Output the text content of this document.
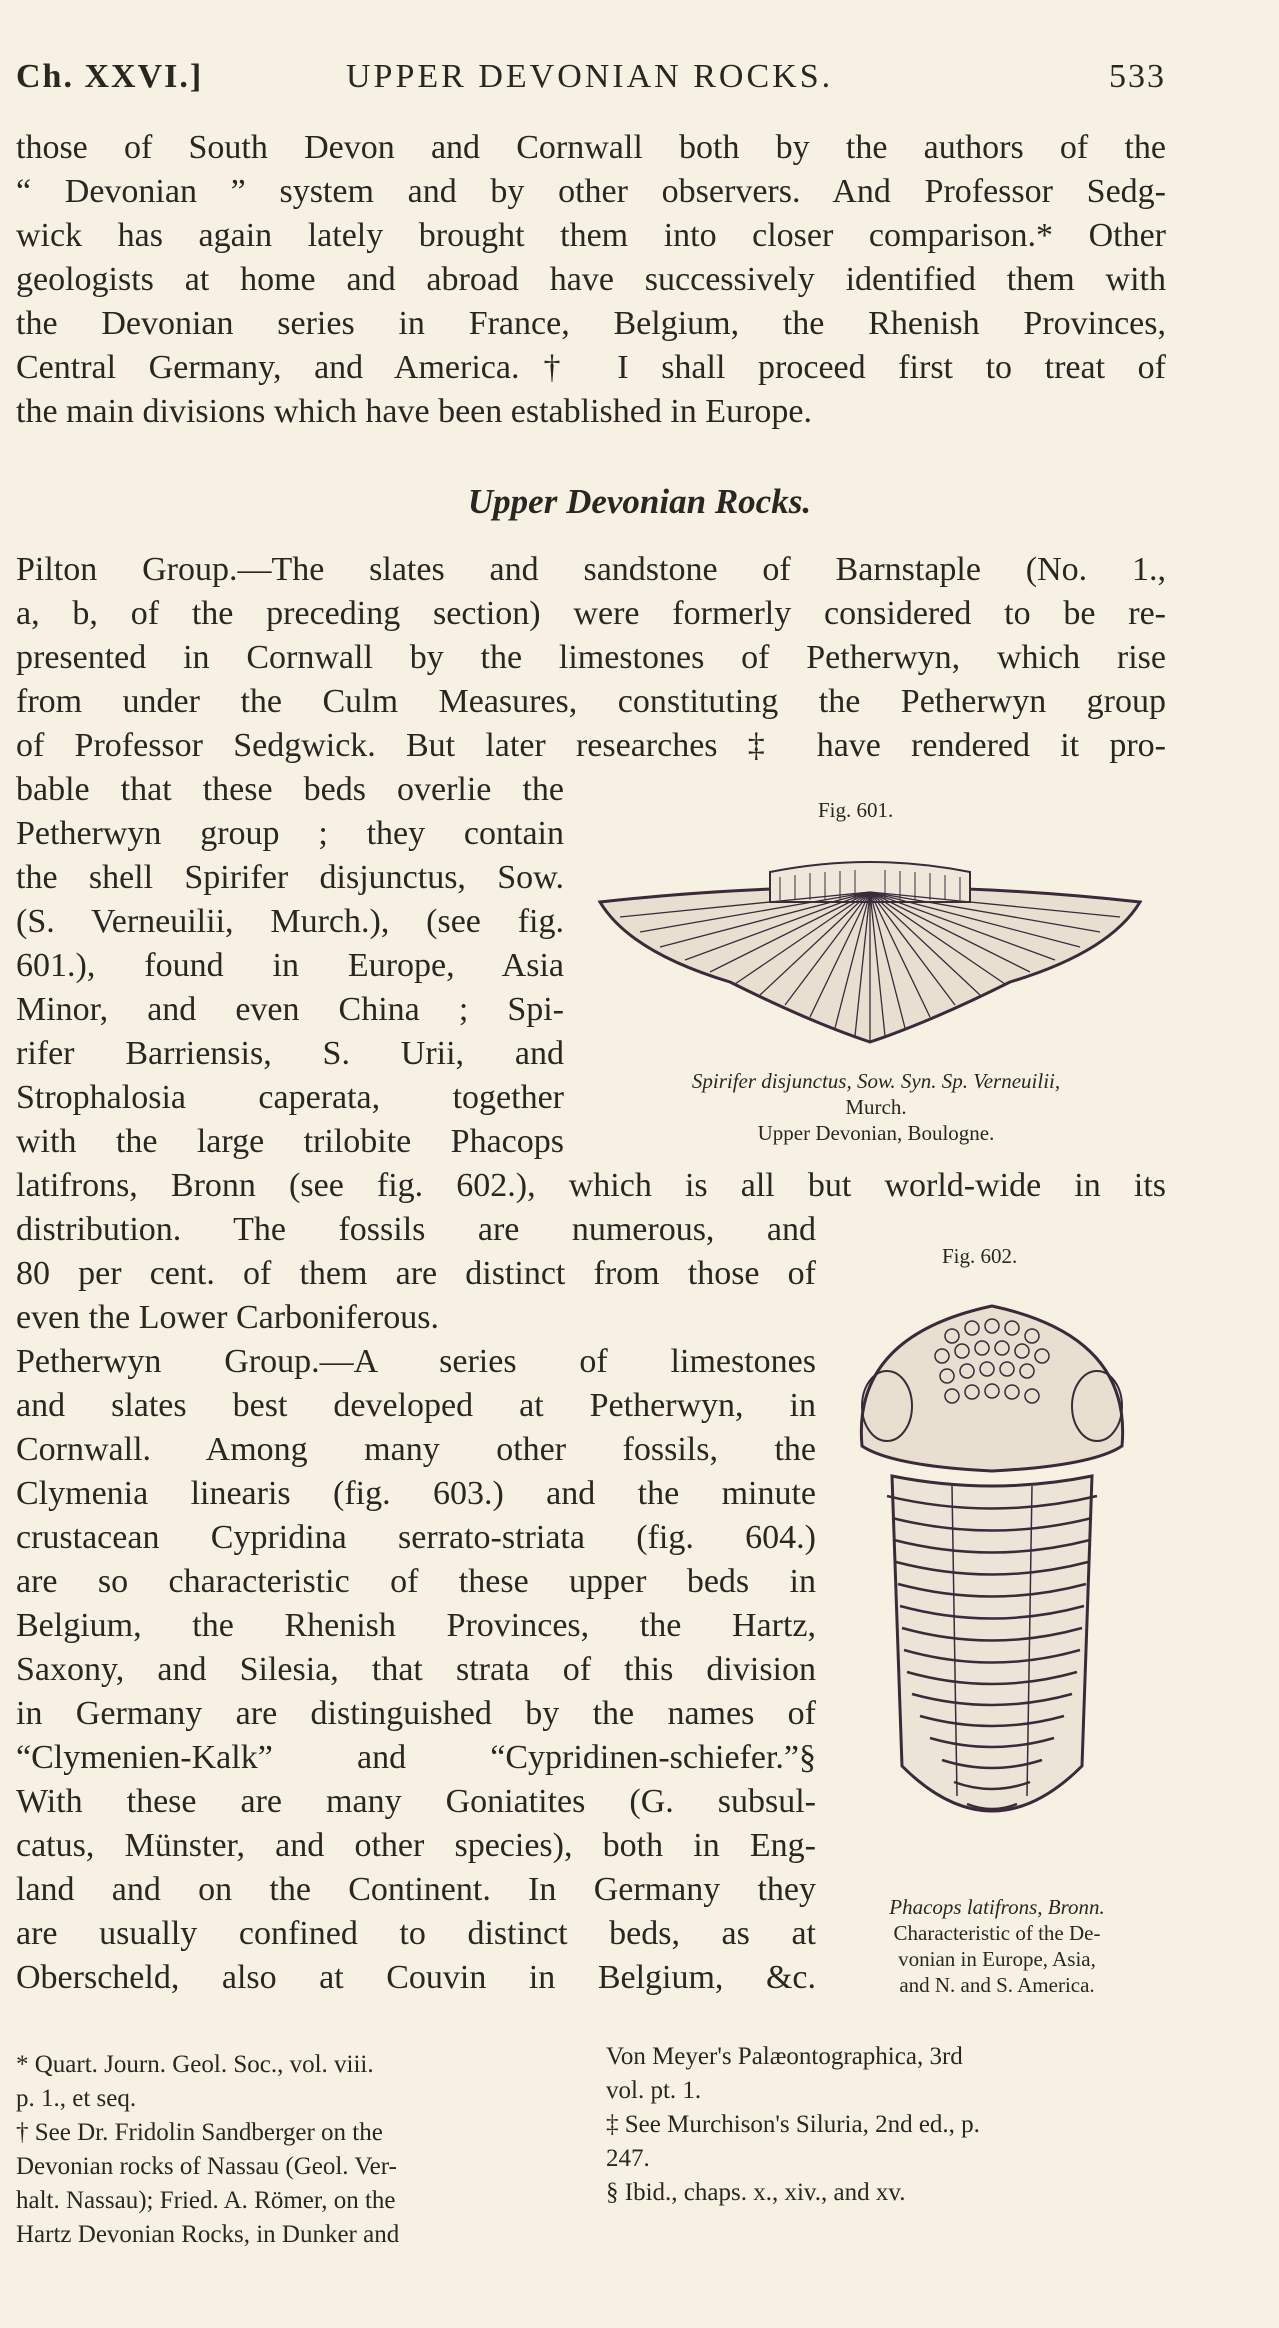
Ch. XXVI.]	UPPER DEVONIAN ROCKS.	533
those of South Devon and Cornwall both by the authors of the
“ Devonian ” system and by other observers. And Professor Sedg-
wick has again lately brought them into closer comparison.* Other
geologists at home and abroad have successively identified them with
the Devonian series in France, Belgium, the Rhenish Provinces,
Central Germany, and America.† I shall proceed first to treat of
the main divisions which have been established in Europe.
Upper Devonian Rocks.
Pilton Group.—The slates and sandstone of Barnstaple (No. 1.,
a, b, of the preceding section) were formerly considered to be re-
presented in Cornwall by the limestones of Petherwyn, which rise
from under the Culm Measures, constituting the Petherwyn group
of Professor Sedgwick. But later researches ‡ have rendered it pro-
bable that these beds overlie the
Petherwyn group ; they contain
the shell Spirifer disjunctus, Sow.
(S. Verneuilii, Murch.), (see fig.
601.), found in Europe, Asia
Minor, and even China ; Spi-
rifer Barriensis, S. Urii, and
Strophalosia caperata, together
with the large trilobite Phacops
latifrons, Bronn (see fig. 602.), which is all but world-wide in its
distribution. The fossils are numerous, and
80 per cent. of them are distinct from those of
even the Lower Carboniferous.
Petherwyn Group.—A series of limestones
and slates best developed at Petherwyn, in
Cornwall. Among many other fossils, the
Clymenia linearis (fig. 603.) and the minute
crustacean Cypridina serrato-striata (fig. 604.)
are so characteristic of these upper beds in
Belgium, the Rhenish Provinces, the Hartz,
Saxony, and Silesia, that strata of this division
in Germany are distinguished by the names of
“Clymenien-Kalk” and “Cypridinen-schiefer.”§
With these are many Goniatites (G. subsul-
catus, Münster, and other species), both in Eng-
land and on the Continent. In Germany they
are usually confined to distinct beds, as at
Oberscheld, also at Couvin in Belgium, &c.
Fig. 601.
Spirifer disjunctus, Sow. Syn. Sp. Verneuilii,
Murch.
Upper Devonian, Boulogne.
Fig. 602.
Phacops latifrons, Bronn.
Characteristic of the De-
vonian in Europe, Asia,
and N. and S. America.
* Quart. Journ. Geol. Soc., vol. viii.
p. 1., et seq.
† See Dr. Fridolin Sandberger on the
Devonian rocks of Nassau (Geol. Ver-
halt. Nassau); Fried. A. Römer, on the
Hartz Devonian Rocks, in Dunker and
Von Meyer's Palæontographica, 3rd
vol. pt. 1.
‡ See Murchison's Siluria, 2nd ed., p.
247.
§ Ibid., chaps. x., xiv., and xv.
